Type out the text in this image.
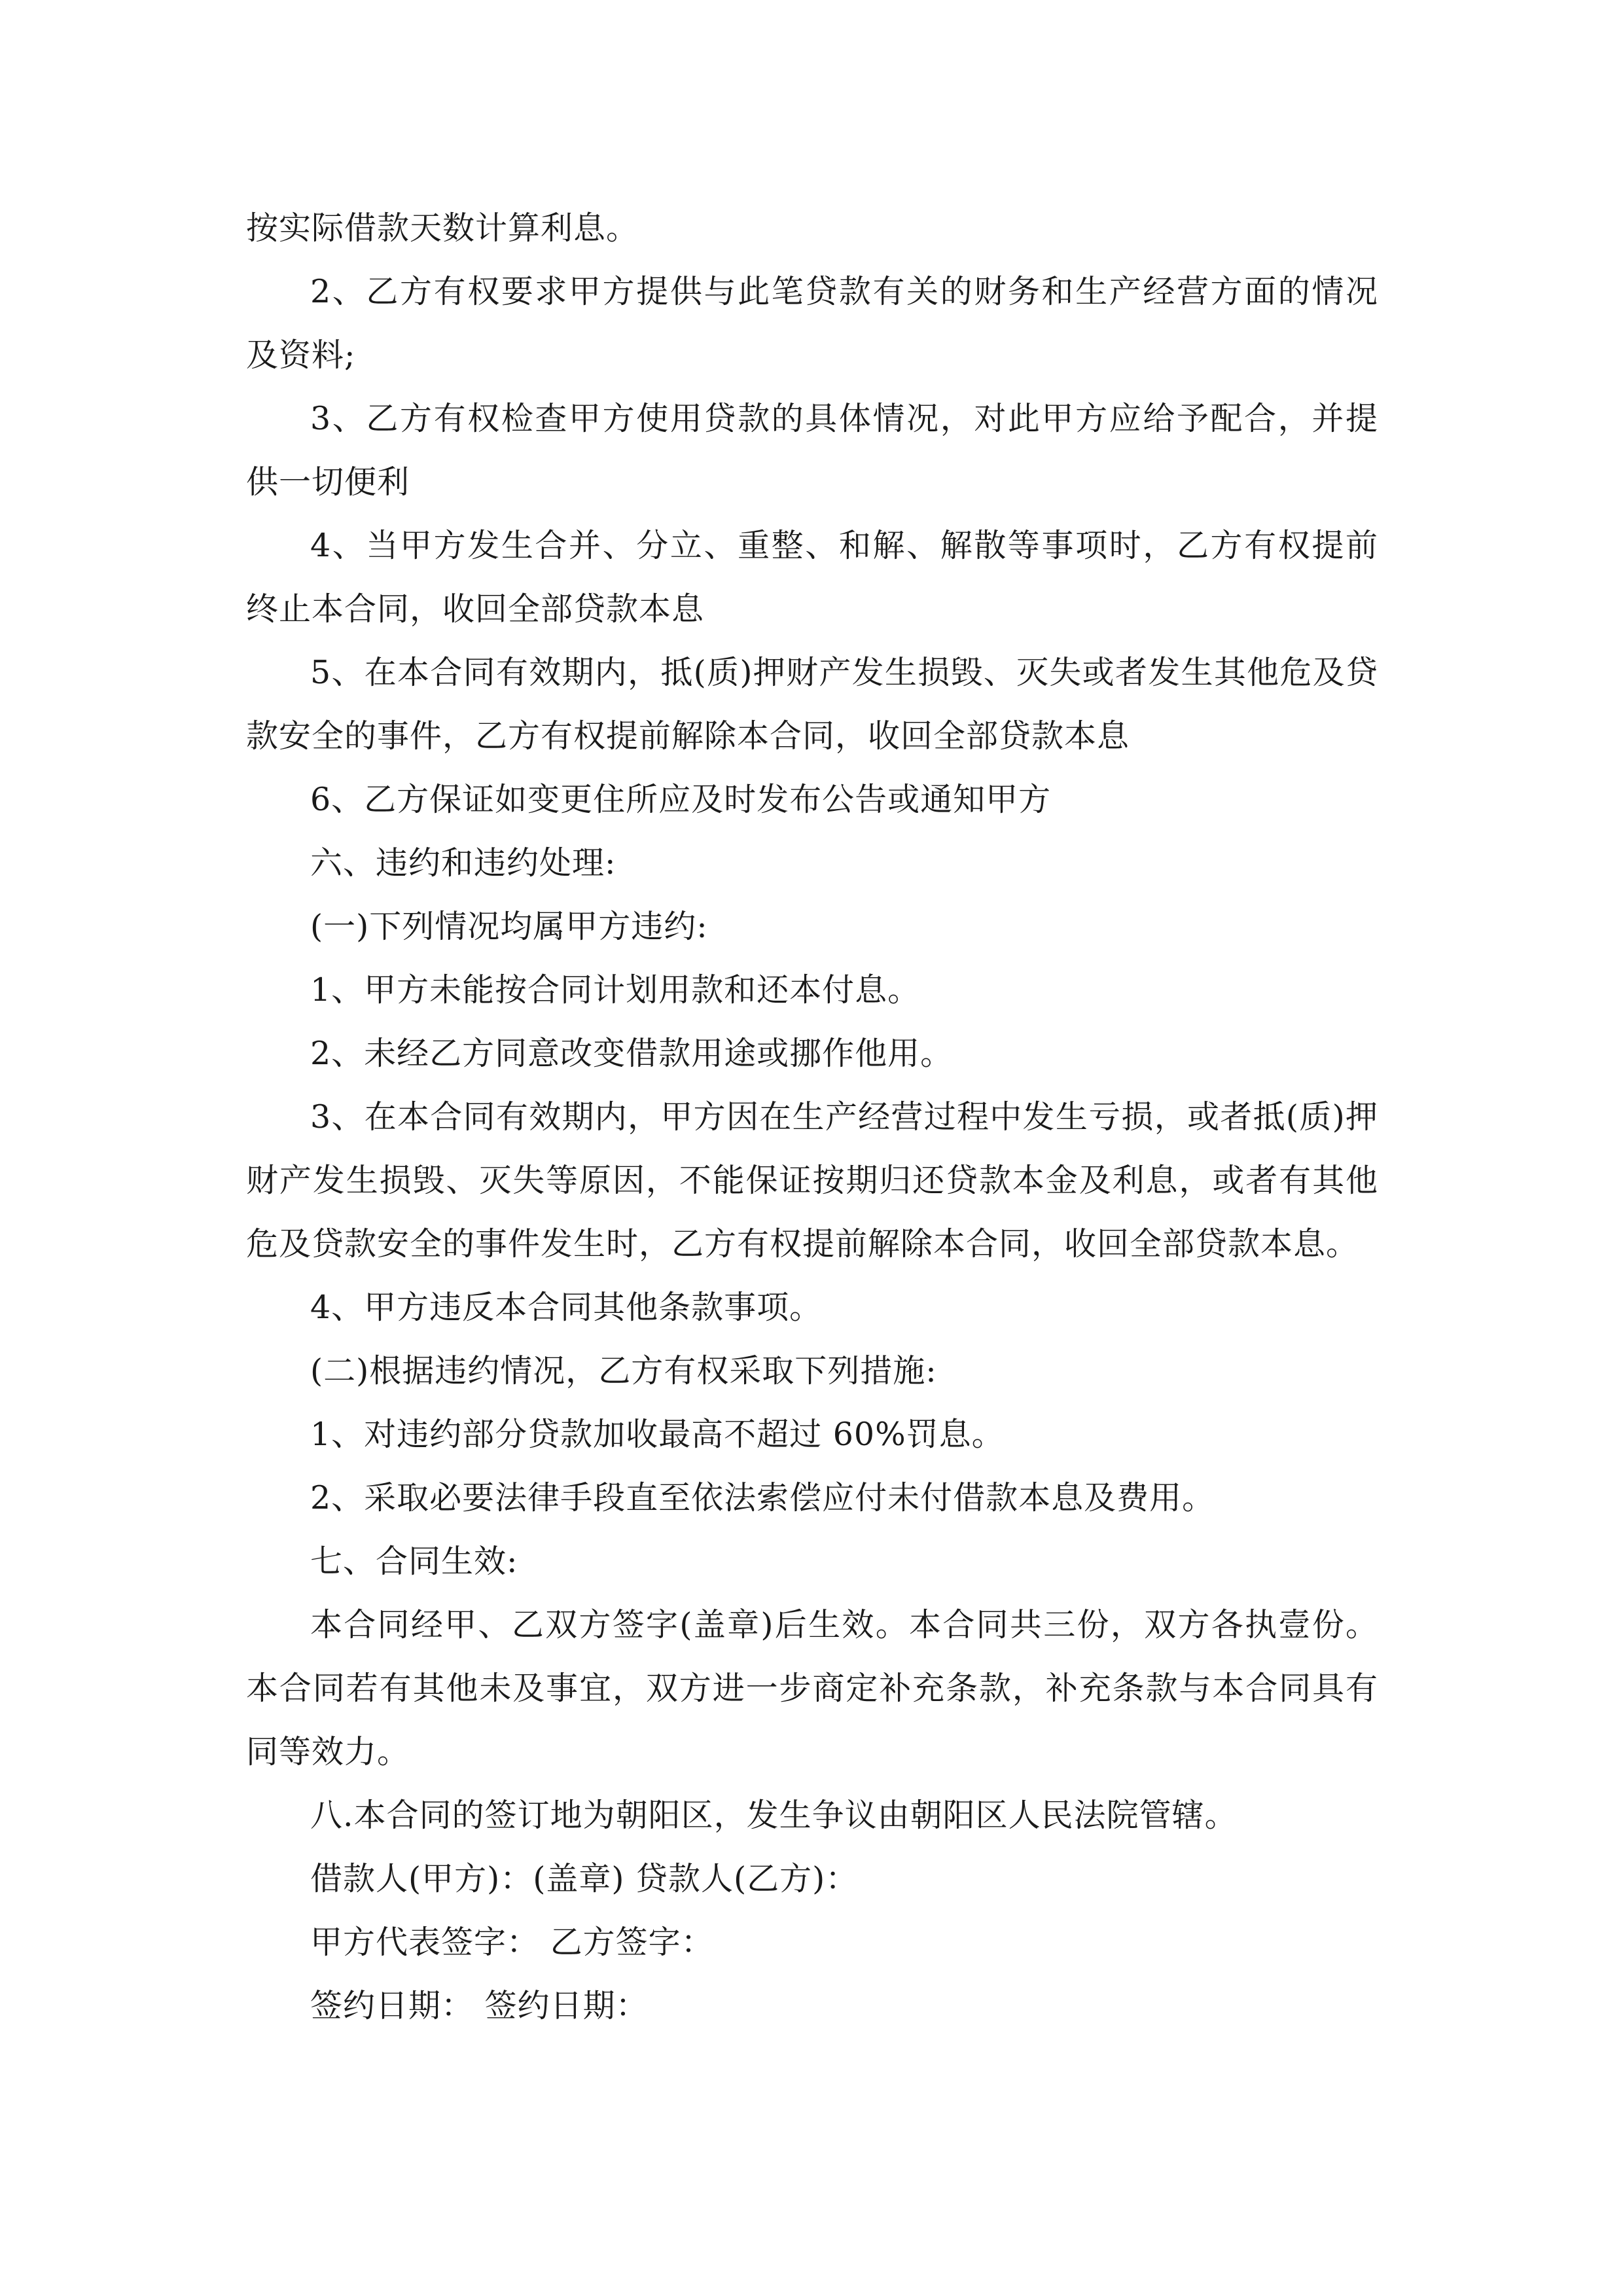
按实际借款天数计算利息。

2、乙方有权要求甲方提供与此笔贷款有关的财务和生产经营方面的情况及资料;

3、乙方有权检查甲方使用贷款的具体情况，对此甲方应给予配合，并提供一切便利

4、当甲方发生合并、分立、重整、和解、解散等事项时，乙方有权提前终止本合同，收回全部贷款本息

5、在本合同有效期内，抵(质)押财产发生损毁、灭失或者发生其他危及贷款安全的事件，乙方有权提前解除本合同，收回全部贷款本息

6、乙方保证如变更住所应及时发布公告或通知甲方

六、违约和违约处理:

(一)下列情况均属甲方违约:

1、甲方未能按合同计划用款和还本付息。

2、未经乙方同意改变借款用途或挪作他用。

3、在本合同有效期内，甲方因在生产经营过程中发生亏损，或者抵(质)押财产发生损毁、灭失等原因，不能保证按期归还贷款本金及利息，或者有其他危及贷款安全的事件发生时，乙方有权提前解除本合同，收回全部贷款本息。

4、甲方违反本合同其他条款事项。

(二)根据违约情况，乙方有权采取下列措施:

1、对违约部分贷款加收最高不超过 60%罚息。

2、采取必要法律手段直至依法索偿应付未付借款本息及费用。

七、合同生效:

本合同经甲、乙双方签字(盖章)后生效。本合同共三份，双方各执壹份。本合同若有其他未及事宜，双方进一步商定补充条款，补充条款与本合同具有同等效力。

八.本合同的签订地为朝阳区，发生争议由朝阳区人民法院管辖。

借款人(甲方)：(盖章) 贷款人(乙方)：

甲方代表签字： 乙方签字：

签约日期： 签约日期：
